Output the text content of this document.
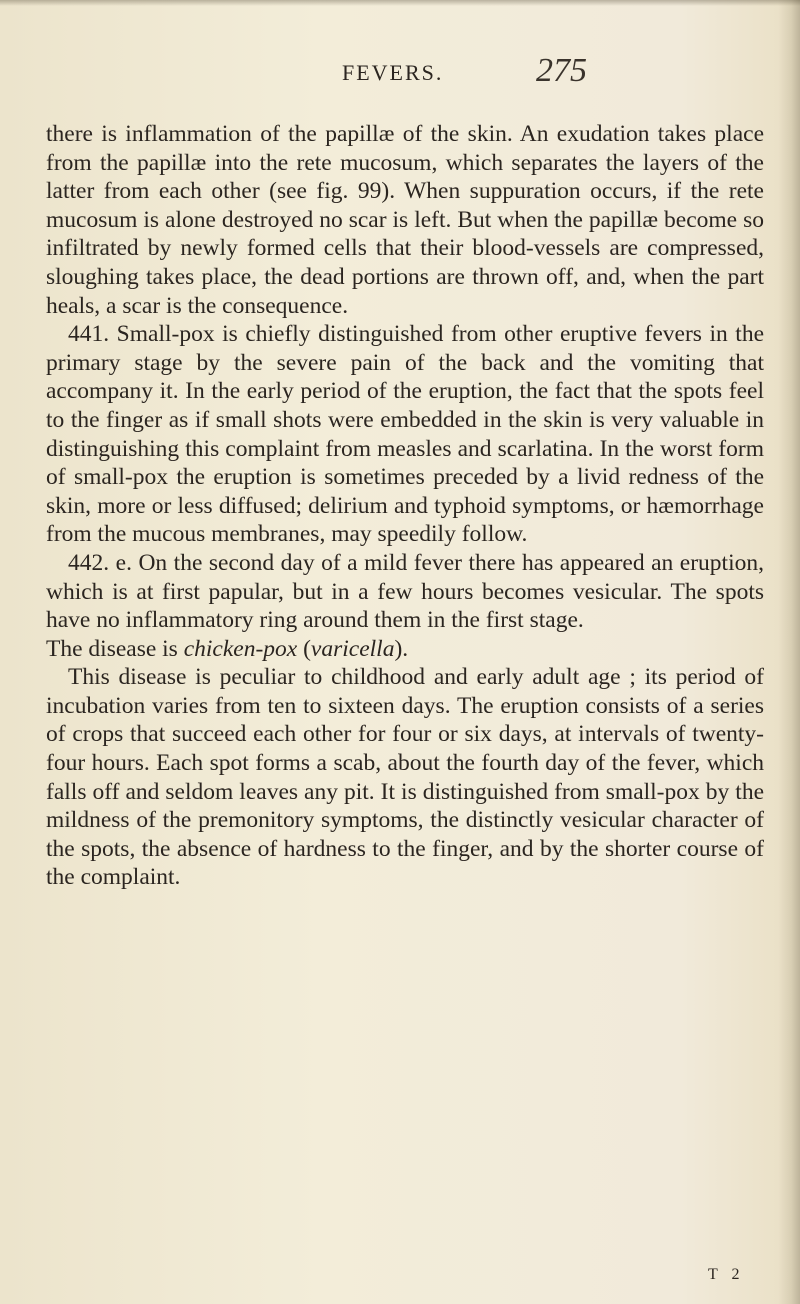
FEVERS.	275

there is inflammation of the papillæ of the skin. An exudation takes place from the papillæ into the rete mucosum, which separates the layers of the latter from each other (see fig. 99). When suppuration occurs, if the rete mucosum is alone destroyed no scar is left. But when the papillæ become so infiltrated by newly formed cells that their blood-vessels are compressed, sloughing takes place, the dead portions are thrown off, and, when the part heals, a scar is the consequence.

441. Small-pox is chiefly distinguished from other eruptive fevers in the primary stage by the severe pain of the back and the vomiting that accompany it. In the early period of the eruption, the fact that the spots feel to the finger as if small shots were embedded in the skin is very valuable in distinguishing this complaint from measles and scarlatina. In the worst form of small-pox the eruption is sometimes preceded by a livid redness of the skin, more or less diffused; delirium and typhoid symptoms, or hæmorrhage from the mucous membranes, may speedily follow.

442. e. On the second day of a mild fever there has appeared an eruption, which is at first papular, but in a few hours becomes vesicular. The spots have no inflammatory ring around them in the first stage.

The disease is chicken-pox (varicella).

This disease is peculiar to childhood and early adult age ; its period of incubation varies from ten to sixteen days. The eruption consists of a series of crops that succeed each other for four or six days, at intervals of twenty-four hours. Each spot forms a scab, about the fourth day of the fever, which falls off and seldom leaves any pit. It is distinguished from small-pox by the mildness of the premonitory symptoms, the distinctly vesicular character of the spots, the absence of hardness to the finger, and by the shorter course of the complaint.

T 2
